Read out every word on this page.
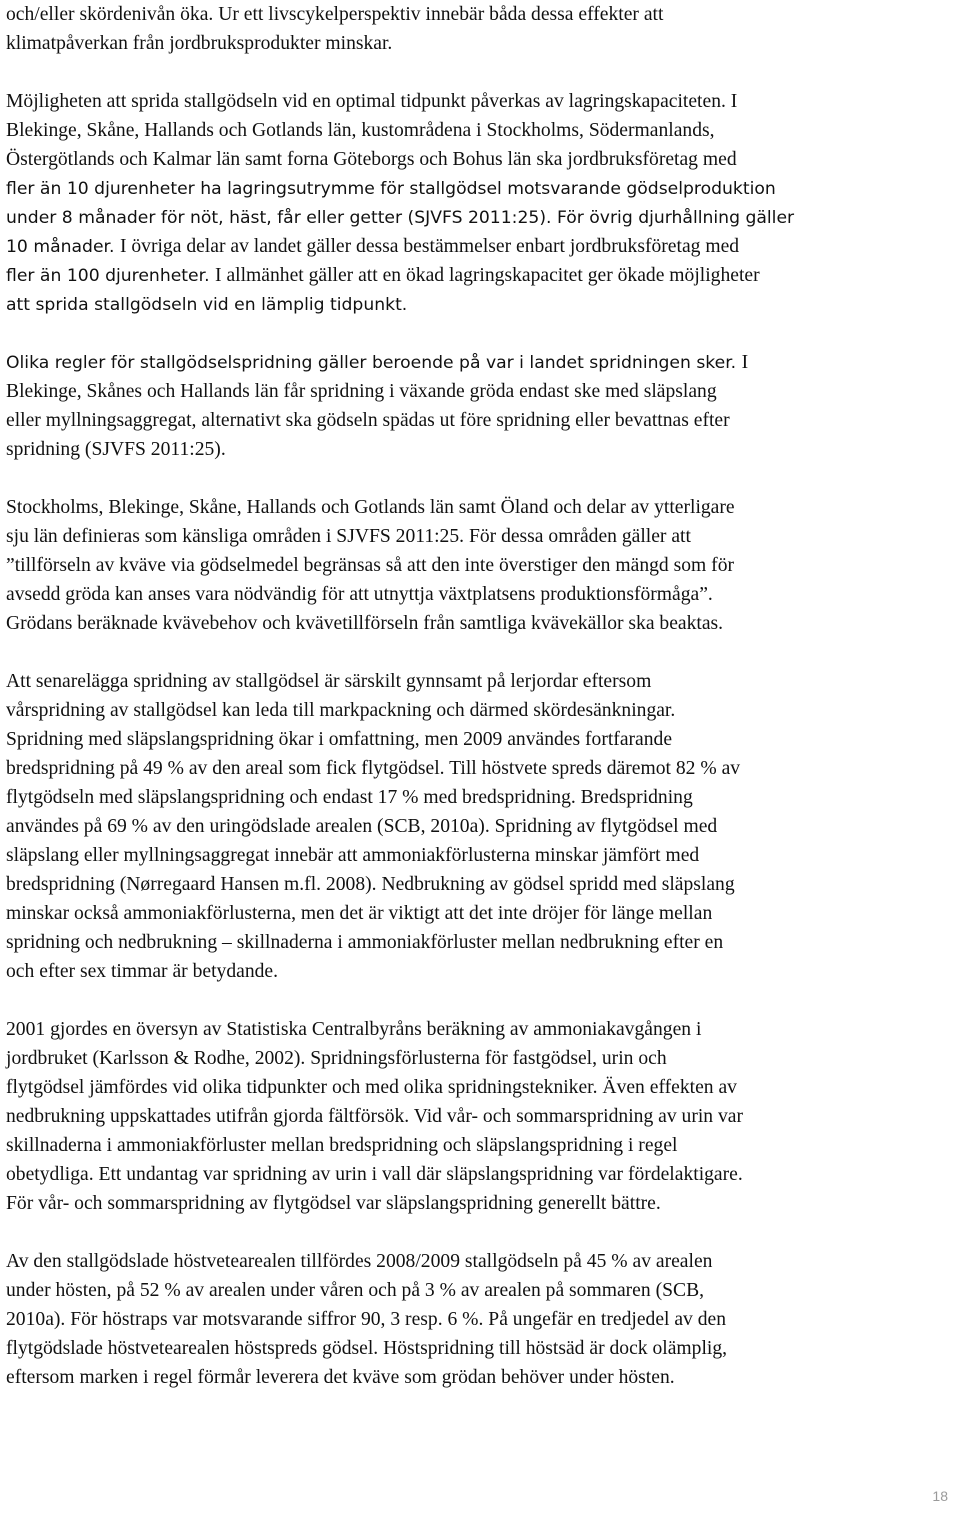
och/eller skördenivån öka. Ur ett livscykelperspektiv innebär båda dessa effekter att
klimatpåverkan från jordbruksprodukter minskar.

Möjligheten att sprida stallgödseln vid en optimal tidpunkt påverkas av lagringskapaciteten. I
Blekinge, Skåne, Hallands och Gotlands län, kustområdena i Stockholms, Södermanlands,
Östergötlands och Kalmar län samt forna Göteborgs och Bohus län ska jordbruksföretag med
fler än 10 djurenheter ha lagringsutrymme för stallgödsel motsvarande gödselproduktion
under 8 månader för nöt, häst, får eller getter (SJVFS 2011:25). För övrig djurhållning gäller
10 månader. I övriga delar av landet gäller dessa bestämmelser enbart jordbruksföretag med
fler än 100 djurenheter. I allmänhet gäller att en ökad lagringskapacitet ger ökade möjligheter
att sprida stallgödseln vid en lämplig tidpunkt.

Olika regler för stallgödselspridning gäller beroende på var i landet spridningen sker. I
Blekinge, Skånes och Hallands län får spridning i växande gröda endast ske med släpslang
eller myllningsaggregat, alternativt ska gödseln spädas ut före spridning eller bevattnas efter
spridning (SJVFS 2011:25).

Stockholms, Blekinge, Skåne, Hallands och Gotlands län samt Öland och delar av ytterligare
sju län definieras som känsliga områden i SJVFS 2011:25. För dessa områden gäller att
”tillförseln av kväve via gödselmedel begränsas så att den inte överstiger den mängd som för
avsedd gröda kan anses vara nödvändig för att utnyttja växtplatsens produktionsförmåga”.
Grödans beräknade kvävebehov och kvävetillförseln från samtliga kvävekällor ska beaktas.

Att senarelägga spridning av stallgödsel är särskilt gynnsamt på lerjordar eftersom
vårspridning av stallgödsel kan leda till markpackning och därmed skördesänkningar.
Spridning med släpslangspridning ökar i omfattning, men 2009 användes fortfarande
bredspridning på 49 % av den areal som fick flytgödsel. Till höstvete spreds däremot 82 % av
flytgödseln med släpslangspridning och endast 17 % med bredspridning. Bredspridning
användes på 69 % av den uringödslade arealen (SCB, 2010a). Spridning av flytgödsel med
släpslang eller myllningsaggregat innebär att ammoniakförlusterna minskar jämfört med
bredspridning (Nørregaard Hansen m.fl. 2008). Nedbrukning av gödsel spridd med släpslang
minskar också ammoniakförlusterna, men det är viktigt att det inte dröjer för länge mellan
spridning och nedbrukning – skillnaderna i ammoniakförluster mellan nedbrukning efter en
och efter sex timmar är betydande.

2001 gjordes en översyn av Statistiska Centralbyråns beräkning av ammoniakavgången i
jordbruket (Karlsson & Rodhe, 2002). Spridningsförlusterna för fastgödsel, urin och
flytgödsel jämfördes vid olika tidpunkter och med olika spridningstekniker. Även effekten av
nedbrukning uppskattades utifrån gjorda fältförsök. Vid vår- och sommarspridning av urin var
skillnaderna i ammoniakförluster mellan bredspridning och släpslangspridning i regel
obetydliga. Ett undantag var spridning av urin i vall där släpslangspridning var fördelaktigare.
För vår- och sommarspridning av flytgödsel var släpslangspridning generellt bättre.

Av den stallgödslade höstvetearealen tillfördes 2008/2009 stallgödseln på 45 % av arealen
under hösten, på 52 % av arealen under våren och på 3 % av arealen på sommaren (SCB,
2010a). För höstraps var motsvarande siffror 90, 3 resp. 6 %. På ungefär en tredjedel av den
flytgödslade höstvetearealen höstspreds gödsel. Höstspridning till höstsäd är dock olämplig,
eftersom marken i regel förmår leverera det kväve som grödan behöver under hösten.

18
